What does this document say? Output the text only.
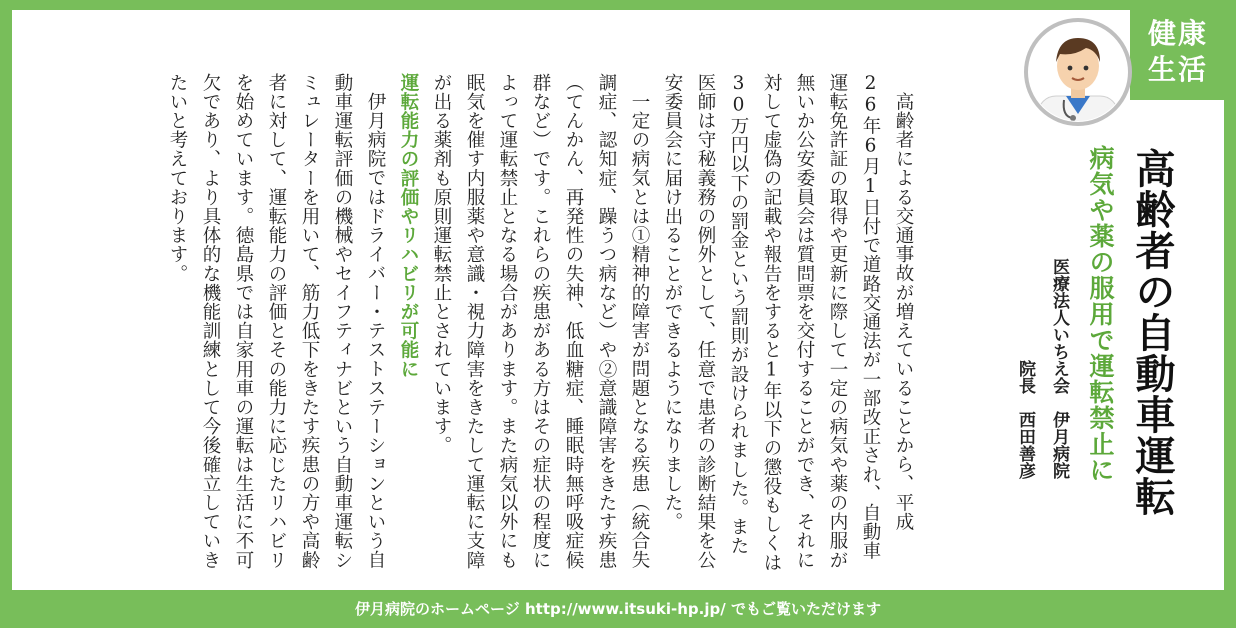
健康
生活
高齢者の自動車運転
病気や薬の服用で運転禁止に
医療法人いちえ会　伊月病院
院長　西田善彦

高齢者による交通事故が増えていることから、平成26年6月1日付で道路交通法が一部改正され、自動車運転免許証の取得や更新に際して一定の病気や薬の内服が無いか公安委員会は質問票を交付することができ、それに対して虚偽の記載や報告をすると1年以下の懲役もしくは30万円以下の罰金という罰則が設けられました。また医師は守秘義務の例外として、任意で患者の診断結果を公安委員会に届け出ることができるようになりました。

一定の病気とは①精神的障害が問題となる疾患（統合失調症、認知症、躁うつ病など）や②意識障害をきたす疾患（てんかん、再発性の失神、低血糖症、睡眠時無呼吸症候群など）です。これらの疾患がある方はその症状の程度によって運転禁止となる場合があります。また病気以外にも眠気を催す内服薬や意識・視力障害をきたして運転に支障が出る薬剤も原則運転禁止とされています。

運転能力の評価やリハビリが可能に

伊月病院ではドライバー・テストステーションという自動車運転評価の機械やセイフティナビという自動車運転シミュレーターを用いて、筋力低下をきたす疾患の方や高齢者に対して、運転能力の評価とその能力に応じたリハビリを始めています。徳島県では自家用車の運転は生活に不可欠であり、より具体的な機能訓練として今後確立していきたいと考えております。

伊月病院のホームページ http://www.itsuki-hp.jp/ でもご覧いただけます
